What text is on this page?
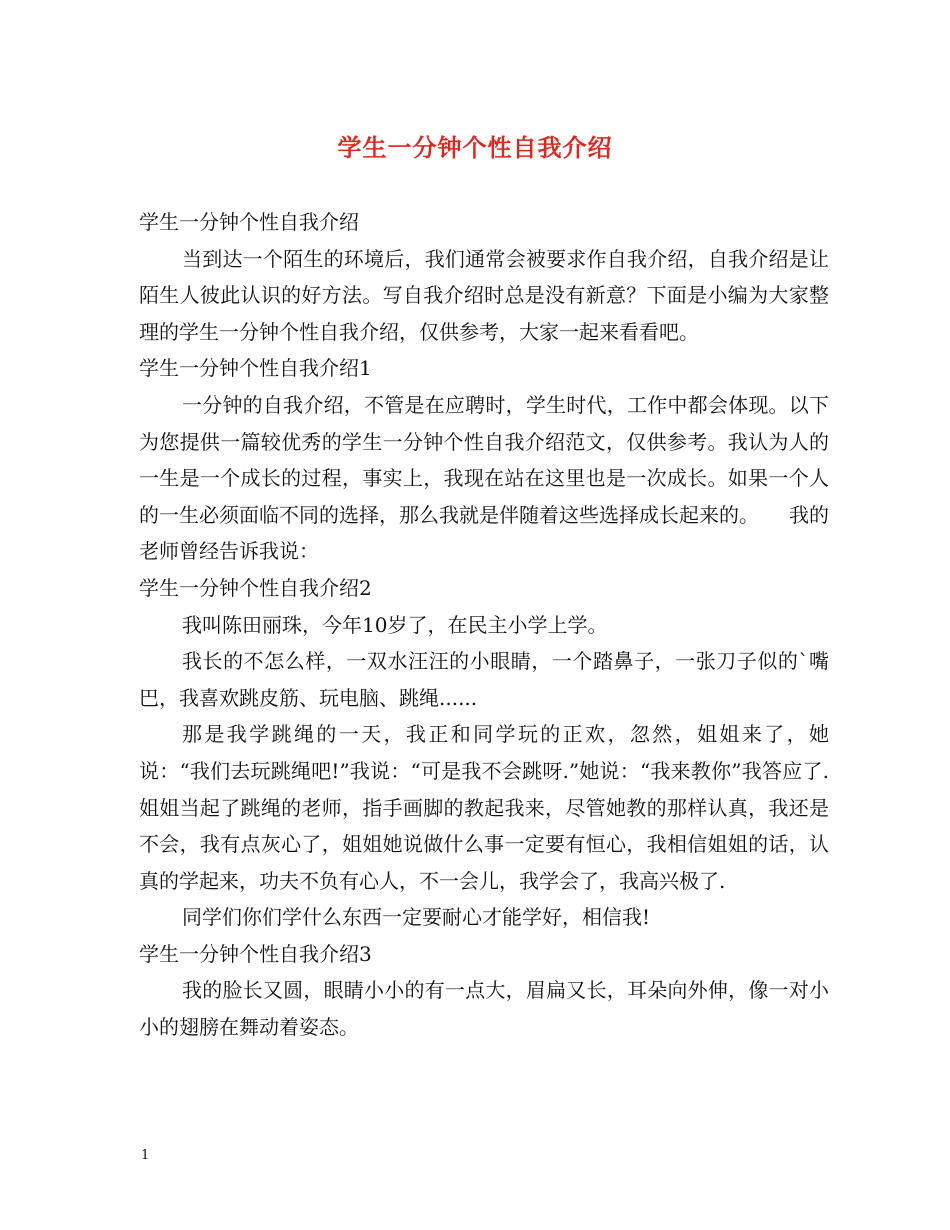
学生一分钟个性自我介绍

学生一分钟个性自我介绍

当到达一个陌生的环境后，我们通常会被要求作自我介绍，自我介绍是让陌生人彼此认识的好方法。写自我介绍时总是没有新意？下面是小编为大家整理的学生一分钟个性自我介绍，仅供参考，大家一起来看看吧。

学生一分钟个性自我介绍1

一分钟的自我介绍，不管是在应聘时，学生时代，工作中都会体现。以下为您提供一篇较优秀的学生一分钟个性自我介绍范文，仅供参考。我认为人的一生是一个成长的过程，事实上，我现在站在这里也是一次成长。如果一个人的一生必须面临不同的选择，那么我就是伴随着这些选择成长起来的。　　我的老师曾经告诉我说：

学生一分钟个性自我介绍2

我叫陈田丽珠，今年10岁了，在民主小学上学。

我长的不怎么样，一双水汪汪的小眼睛，一个踏鼻子，一张刀子似的`嘴巴，我喜欢跳皮筋、玩电脑、跳绳......

那是我学跳绳的一天，我正和同学玩的正欢，忽然，姐姐来了，她说：“我们去玩跳绳吧!”我说：“可是我不会跳呀.”她说：“我来教你”我答应了.姐姐当起了跳绳的老师，指手画脚的教起我来，尽管她教的那样认真，我还是不会，我有点灰心了，姐姐她说做什么事一定要有恒心，我相信姐姐的话，认真的学起来，功夫不负有心人，不一会儿，我学会了，我高兴极了.

同学们你们学什么东西一定要耐心才能学好，相信我!

学生一分钟个性自我介绍3

我的脸长又圆，眼睛小小的有一点大，眉扁又长，耳朵向外伸，像一对小小的翅膀在舞动着姿态。

1
